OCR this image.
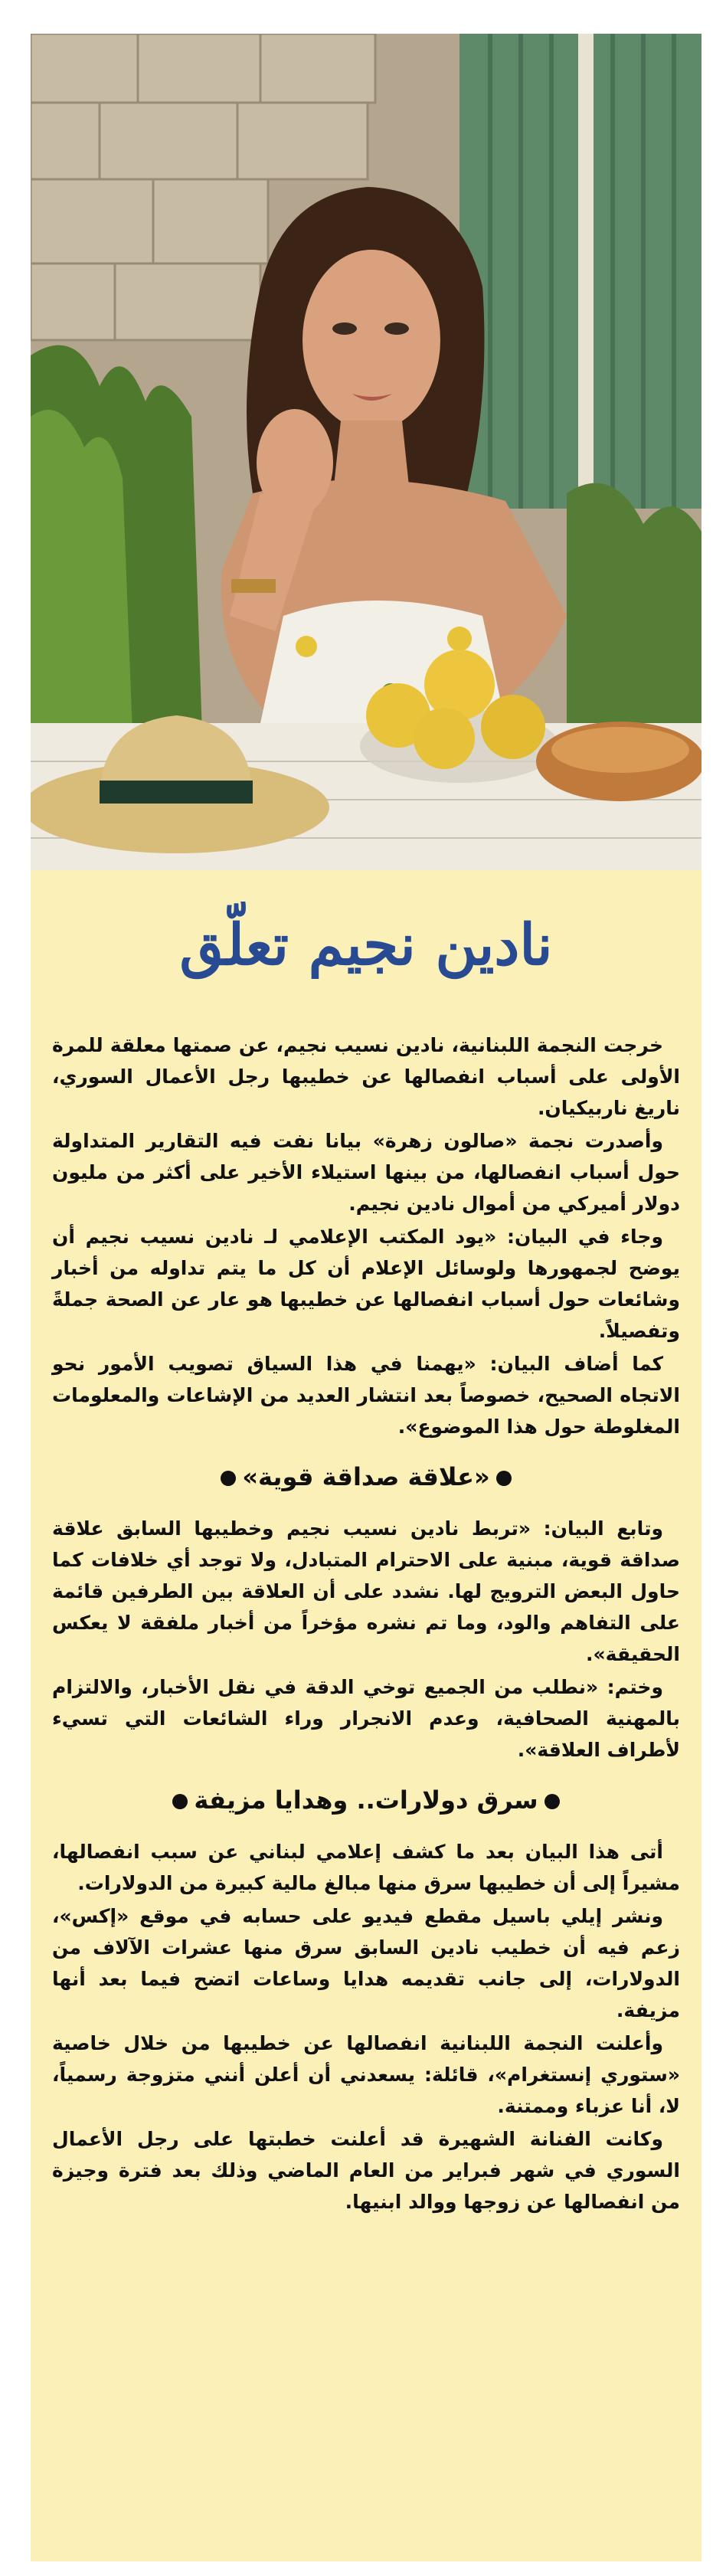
نادين نجيم تعلّق

خرجت النجمة اللبنانية، نادين نسيب نجيم، عن صمتها معلقة للمرة الأولى على أسباب انفصالها عن خطيبها رجل الأعمال السوري، ناريغ ناربيكيان.

وأصدرت نجمة «صالون زهرة» بيانا نفت فيه التقارير المتداولة حول أسباب انفصالها، من بينها استيلاء الأخير على أكثر من مليون دولار أميركي من أموال نادين نجيم.

وجاء في البيان: «يود المكتب الإعلامي لـ نادين نسيب نجيم أن يوضح لجمهورها ولوسائل الإعلام أن كل ما يتم تداوله من أخبار وشائعات حول أسباب انفصالها عن خطيبها هو عار عن الصحة جملةً وتفصيلاً.

كما أضاف البيان: «يهمنا في هذا السياق تصويب الأمور نحو الاتجاه الصحيح، خصوصاً بعد انتشار العديد من الإشاعات والمعلومات المغلوطة حول هذا الموضوع».

«علاقة صداقة قوية»

وتابع البيان: «تربط نادين نسيب نجيم وخطيبها السابق علاقة صداقة قوية، مبنية على الاحترام المتبادل، ولا توجد أي خلافات كما حاول البعض الترويج لها. نشدد على أن العلاقة بين الطرفين قائمة على التفاهم والود، وما تم نشره مؤخراً من أخبار ملفقة لا يعكس الحقيقة».

وختم: «نطلب من الجميع توخي الدقة في نقل الأخبار، والالتزام بالمهنية الصحافية، وعدم الانجرار وراء الشائعات التي تسيء لأطراف العلاقة».

سرق دولارات.. وهدايا مزيفة

أتى هذا البيان بعد ما كشف إعلامي لبناني عن سبب انفصالها، مشيراً إلى أن خطيبها سرق منها مبالغ مالية كبيرة من الدولارات.

ونشر إيلي باسيل مقطع فيديو على حسابه في موقع «إكس»، زعم فيه أن خطيب نادين السابق سرق منها عشرات الآلاف من الدولارات، إلى جانب تقديمه هدايا وساعات اتضح فيما بعد أنها مزيفة.

وأعلنت النجمة اللبنانية انفصالها عن خطيبها من خلال خاصية «ستوري إنستغرام»، قائلة: يسعدني أن أعلن أنني متزوجة رسمياً، لا، أنا عزباء وممتنة.

وكانت الفنانة الشهيرة قد أعلنت خطبتها على رجل الأعمال السوري في شهر فبراير من العام الماضي وذلك بعد فترة وجيزة من انفصالها عن زوجها ووالد ابنيها.
